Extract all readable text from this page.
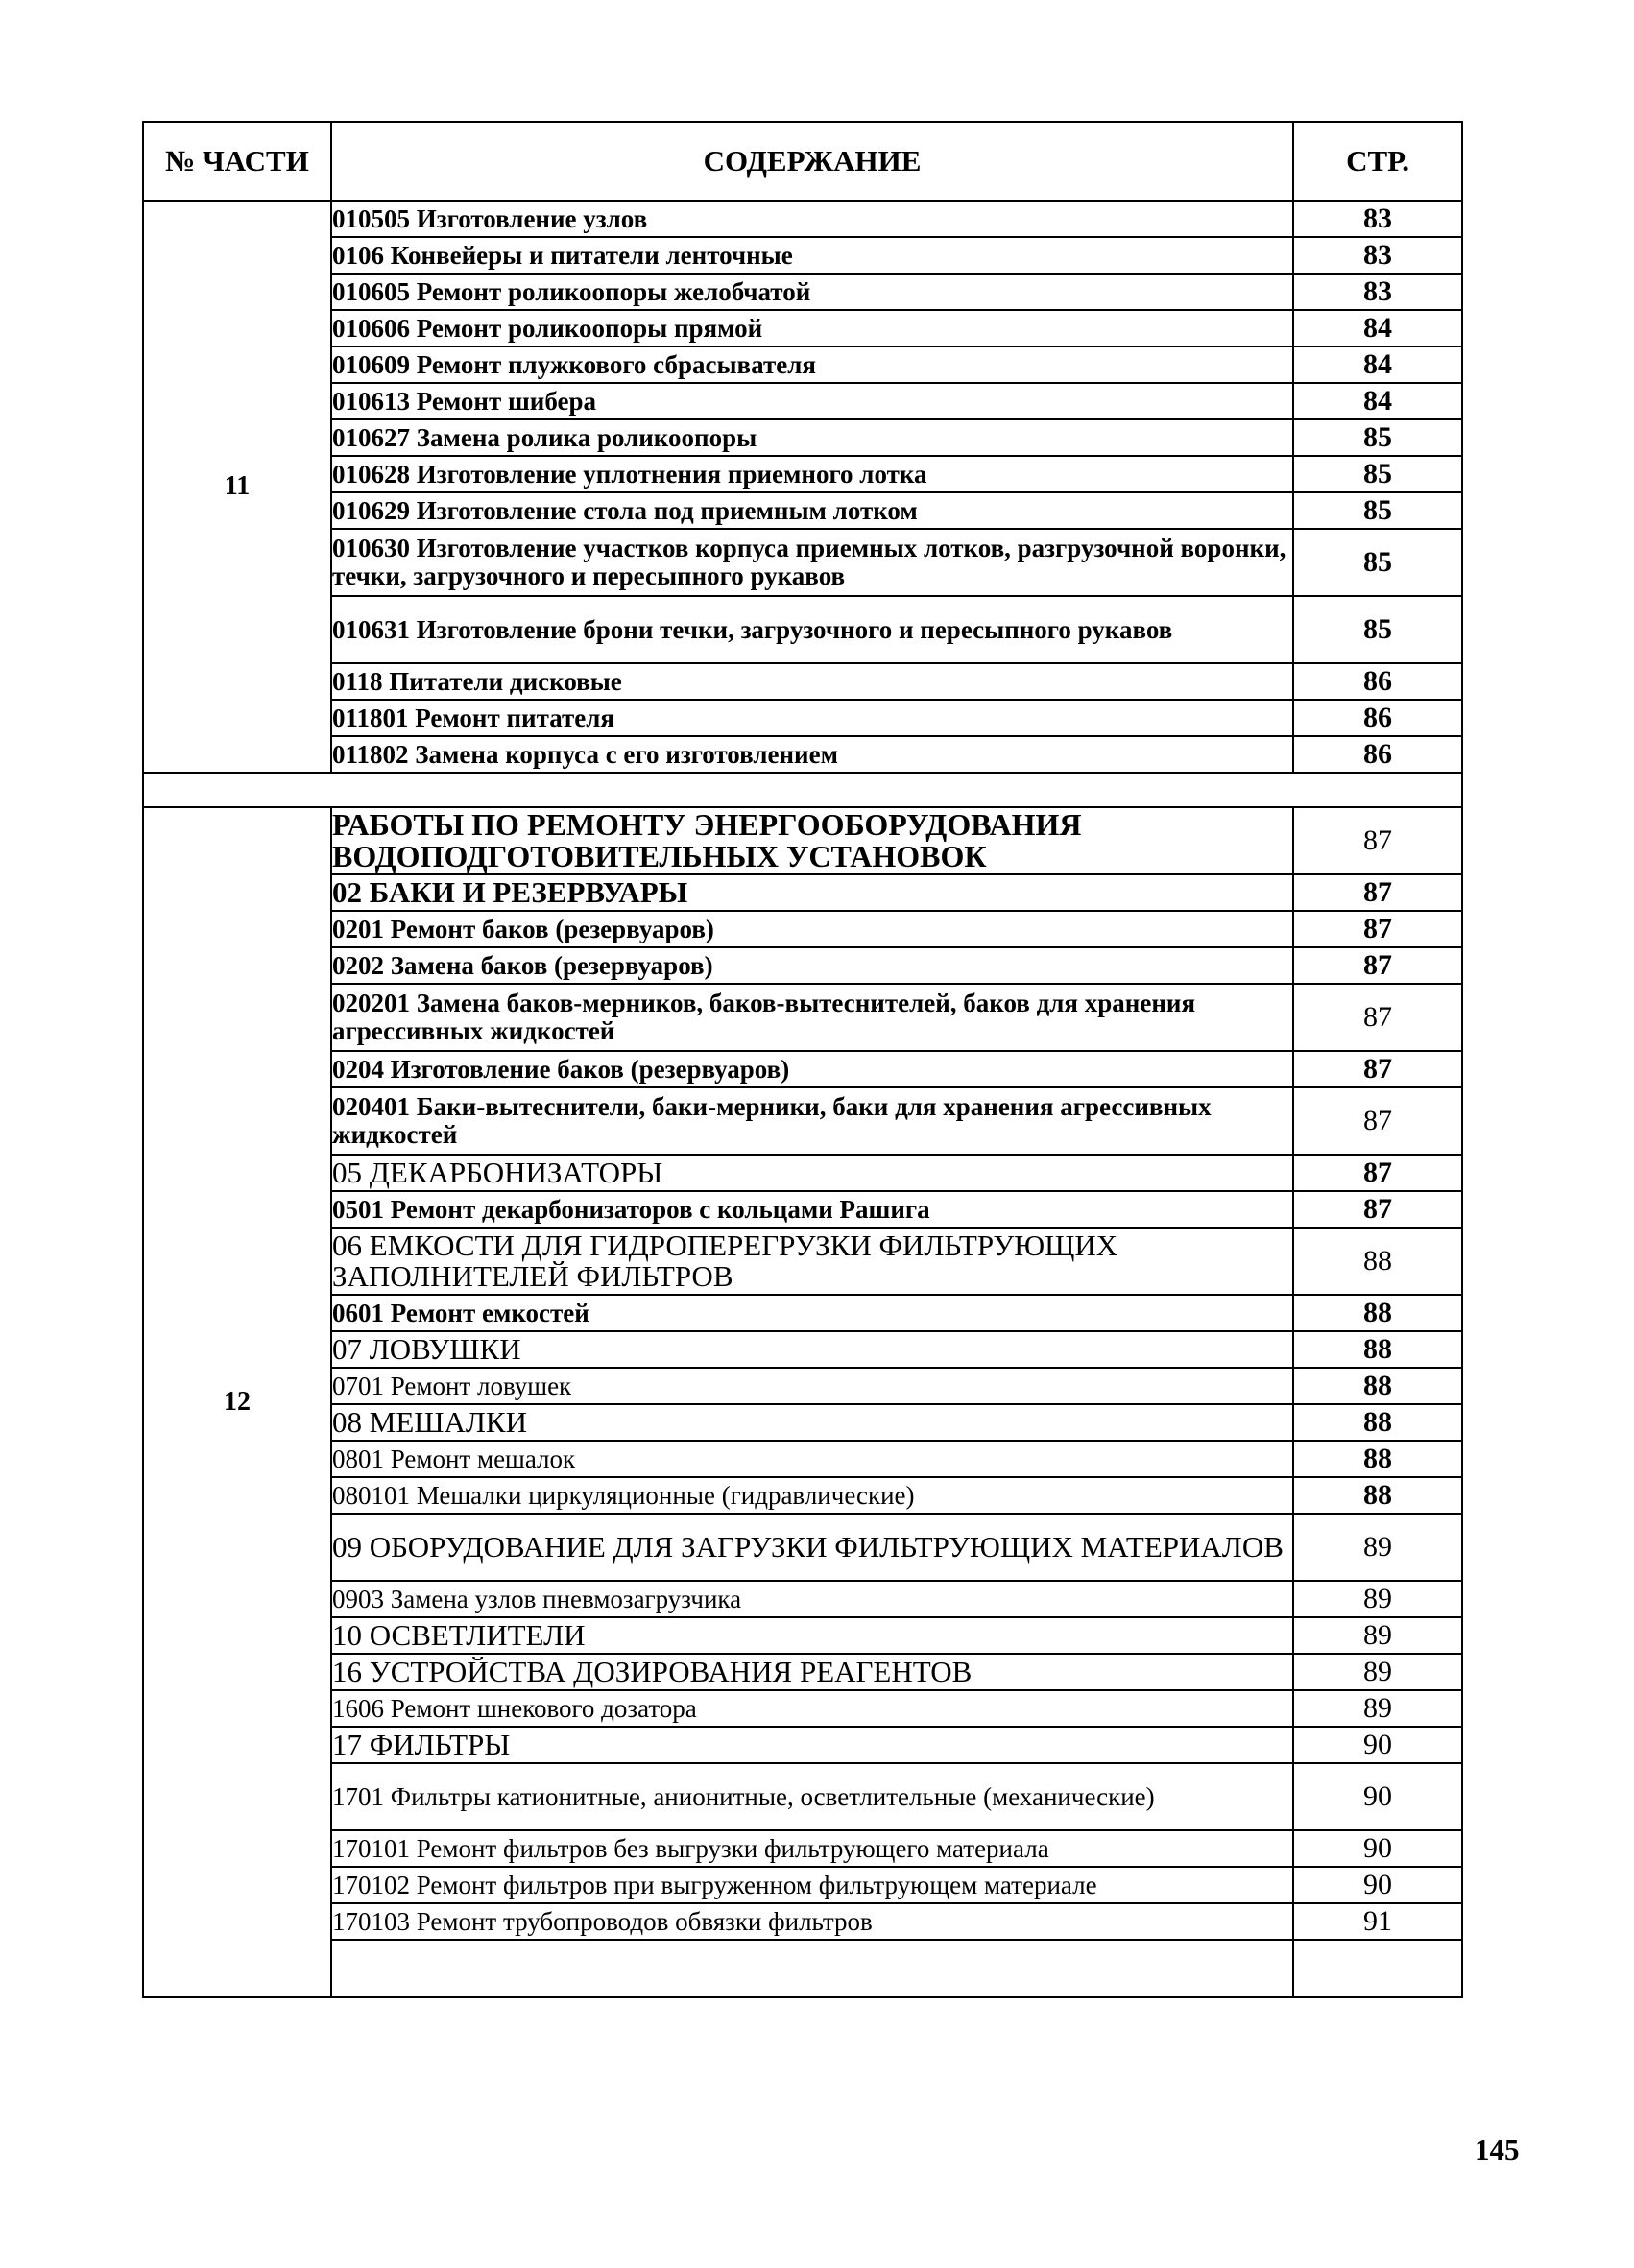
№ ЧАСТИ	СОДЕРЖАНИЕ	СТР.
11	010505 Изготовление узлов	83
	0106 Конвейеры и питатели ленточные	83
	010605 Ремонт роликоопоры желобчатой	83
	010606 Ремонт роликоопоры прямой	84
	010609 Ремонт плужкового сбрасывателя	84
	010613 Ремонт шибера	84
	010627 Замена ролика роликоопоры	85
	010628 Изготовление уплотнения приемного лотка	85
	010629 Изготовление стола под приемным лотком	85
	010630 Изготовление участков корпуса приемных лотков, разгрузочной воронки, течки, загрузочного и пересыпного рукавов	85
	010631 Изготовление брони течки, загрузочного и пересыпного рукавов	85
	0118 Питатели дисковые	86
	011801 Ремонт питателя	86
	011802 Замена корпуса с его изготовлением	86

12	РАБОТЫ ПО РЕМОНТУ ЭНЕРГООБОРУДОВАНИЯ ВОДОПОДГОТОВИТЕЛЬНЫХ УСТАНОВОК	87
	02 БАКИ И РЕЗЕРВУАРЫ	87
	0201 Ремонт баков (резервуаров)	87
	0202 Замена баков (резервуаров)	87
	020201 Замена баков-мерников, баков-вытеснителей, баков для хранения агрессивных жидкостей	87
	0204 Изготовление баков (резервуаров)	87
	020401 Баки-вытеснители, баки-мерники, баки для хранения агрессивных жидкостей	87
	05 ДЕКАРБОНИЗАТОРЫ	87
	0501 Ремонт декарбонизаторов с кольцами Рашига	87
	06 ЕМКОСТИ ДЛЯ ГИДРОПЕРЕГРУЗКИ ФИЛЬТРУЮЩИХ ЗАПОЛНИТЕЛЕЙ ФИЛЬТРОВ	88
	0601 Ремонт емкостей	88
	07 ЛОВУШКИ	88
	0701 Ремонт ловушек	88
	08 МЕШАЛКИ	88
	0801 Ремонт мешалок	88
	080101 Мешалки циркуляционные (гидравлические)	88
	09 ОБОРУДОВАНИЕ ДЛЯ ЗАГРУЗКИ ФИЛЬТРУЮЩИХ МАТЕРИАЛОВ	89
	0903 Замена узлов пневмозагрузчика	89
	10 ОСВЕТЛИТЕЛИ	89
	16 УСТРОЙСТВА ДОЗИРОВАНИЯ РЕАГЕНТОВ	89
	1606 Ремонт шнекового дозатора	89
	17 ФИЛЬТРЫ	90
	1701 Фильтры катионитные, анионитные, осветлительные (механические)	90
	170101 Ремонт фильтров без выгрузки фильтрующего материала	90
	170102 Ремонт фильтров при выгруженном фильтрующем материале	90
	170103 Ремонт трубопроводов обвязки фильтров	91

145
